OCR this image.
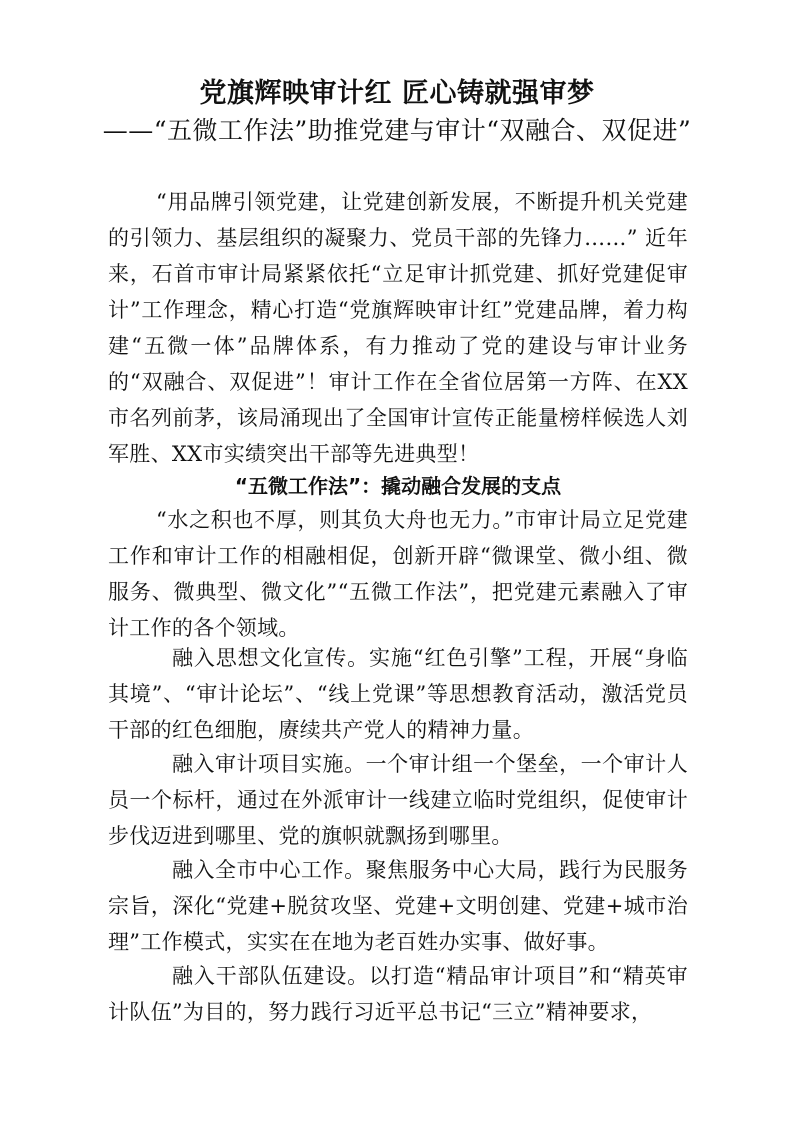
党旗辉映审计红 匠心铸就强审梦
——“五微工作法”助推党建与审计“双融合、双促进”

“用品牌引领党建，让党建创新发展，不断提升机关党建的引领力、基层组织的凝聚力、党员干部的先锋力……” 近年来，石首市审计局紧紧依托“立足审计抓党建、抓好党建促审计”工作理念，精心打造“党旗辉映审计红”党建品牌，着力构建“五微一体”品牌体系，有力推动了党的建设与审计业务的“双融合、双促进”！审计工作在全省位居第一方阵、在XX 市名列前茅，该局涌现出了全国审计宣传正能量榜样候选人刘军胜、XX市实绩突出干部等先进典型！

“五微工作法”：撬动融合发展的支点

“水之积也不厚，则其负大舟也无力。”市审计局立足党建工作和审计工作的相融相促，创新开辟“微课堂、微小组、微服务、微典型、微文化”“五微工作法”，把党建元素融入了审计工作的各个领域。

融入思想文化宣传。实施“红色引擎”工程，开展“身临其境”、“审计论坛”、“线上党课”等思想教育活动，激活党员干部的红色细胞，赓续共产党人的精神力量。

融入审计项目实施。一个审计组一个堡垒，一个审计人员一个标杆，通过在外派审计一线建立临时党组织，促使审计步伐迈进到哪里、党的旗帜就飘扬到哪里。

融入全市中心工作。聚焦服务中心大局，践行为民服务宗旨，深化“党建+脱贫攻坚、党建+文明创建、党建+城市治理”工作模式，实实在在地为老百姓办实事、做好事。

融入干部队伍建设。以打造“精品审计项目”和“精英审计队伍”为目的，努力践行习近平总书记“三立”精神要求，
